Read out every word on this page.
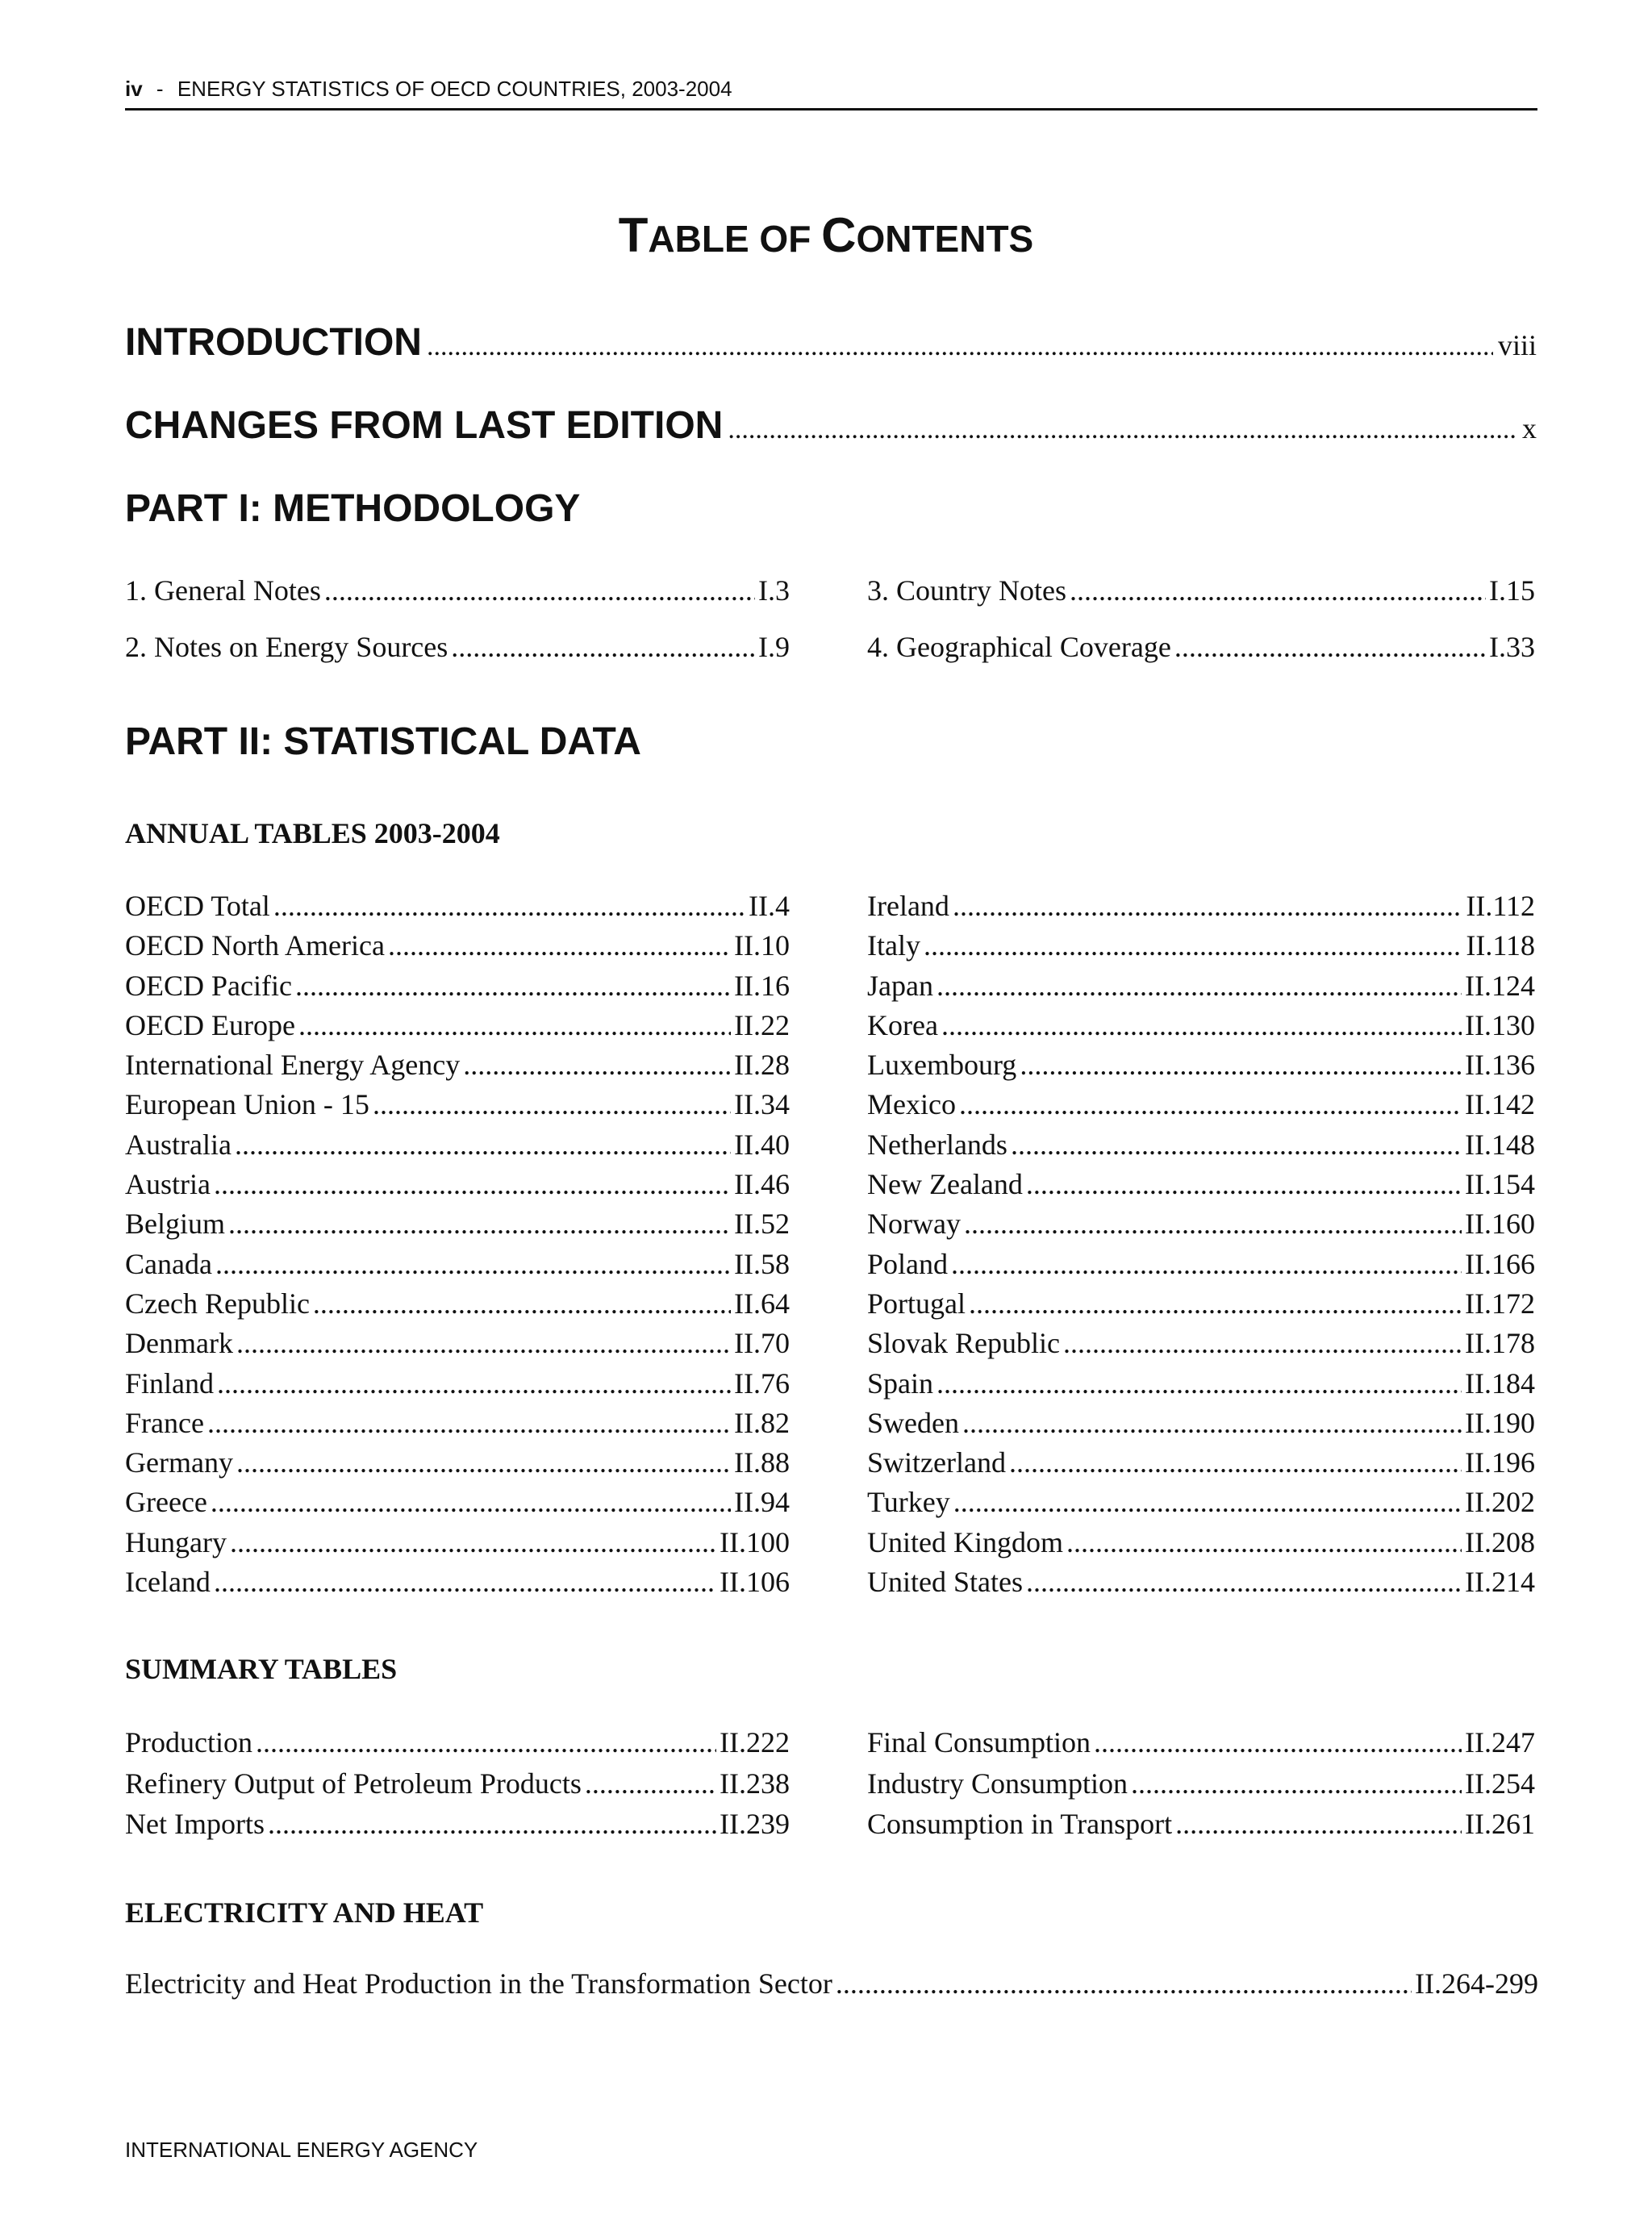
iv - ENERGY STATISTICS OF OECD COUNTRIES, 2003-2004
TABLE OF CONTENTS
INTRODUCTION .....	viii
CHANGES FROM LAST EDITION .....	x
PART I: METHODOLOGY
1. General Notes .....	I.3
2. Notes on Energy Sources .....	I.9
3. Country Notes .....	I.15
4. Geographical Coverage .....	I.33
PART II: STATISTICAL DATA
ANNUAL TABLES 2003-2004
OECD Total .....	II.4
OECD North America .....	II.10
OECD Pacific .....	II.16
OECD Europe .....	II.22
International Energy Agency .....	II.28
European Union - 15 .....	II.34
Australia .....	II.40
Austria .....	II.46
Belgium .....	II.52
Canada .....	II.58
Czech Republic .....	II.64
Denmark .....	II.70
Finland .....	II.76
France .....	II.82
Germany .....	II.88
Greece .....	II.94
Hungary .....	II.100
Iceland .....	II.106
Ireland .....	II.112
Italy .....	II.118
Japan .....	II.124
Korea .....	II.130
Luxembourg .....	II.136
Mexico .....	II.142
Netherlands .....	II.148
New Zealand .....	II.154
Norway .....	II.160
Poland .....	II.166
Portugal .....	II.172
Slovak Republic .....	II.178
Spain .....	II.184
Sweden .....	II.190
Switzerland .....	II.196
Turkey .....	II.202
United Kingdom .....	II.208
United States .....	II.214
SUMMARY TABLES
Production .....	II.222
Refinery Output of Petroleum Products .....	II.238
Net Imports .....	II.239
Final Consumption .....	II.247
Industry Consumption .....	II.254
Consumption in Transport .....	II.261
ELECTRICITY AND HEAT
Electricity and Heat Production in the Transformation Sector .....	II.264-299
INTERNATIONAL ENERGY AGENCY
